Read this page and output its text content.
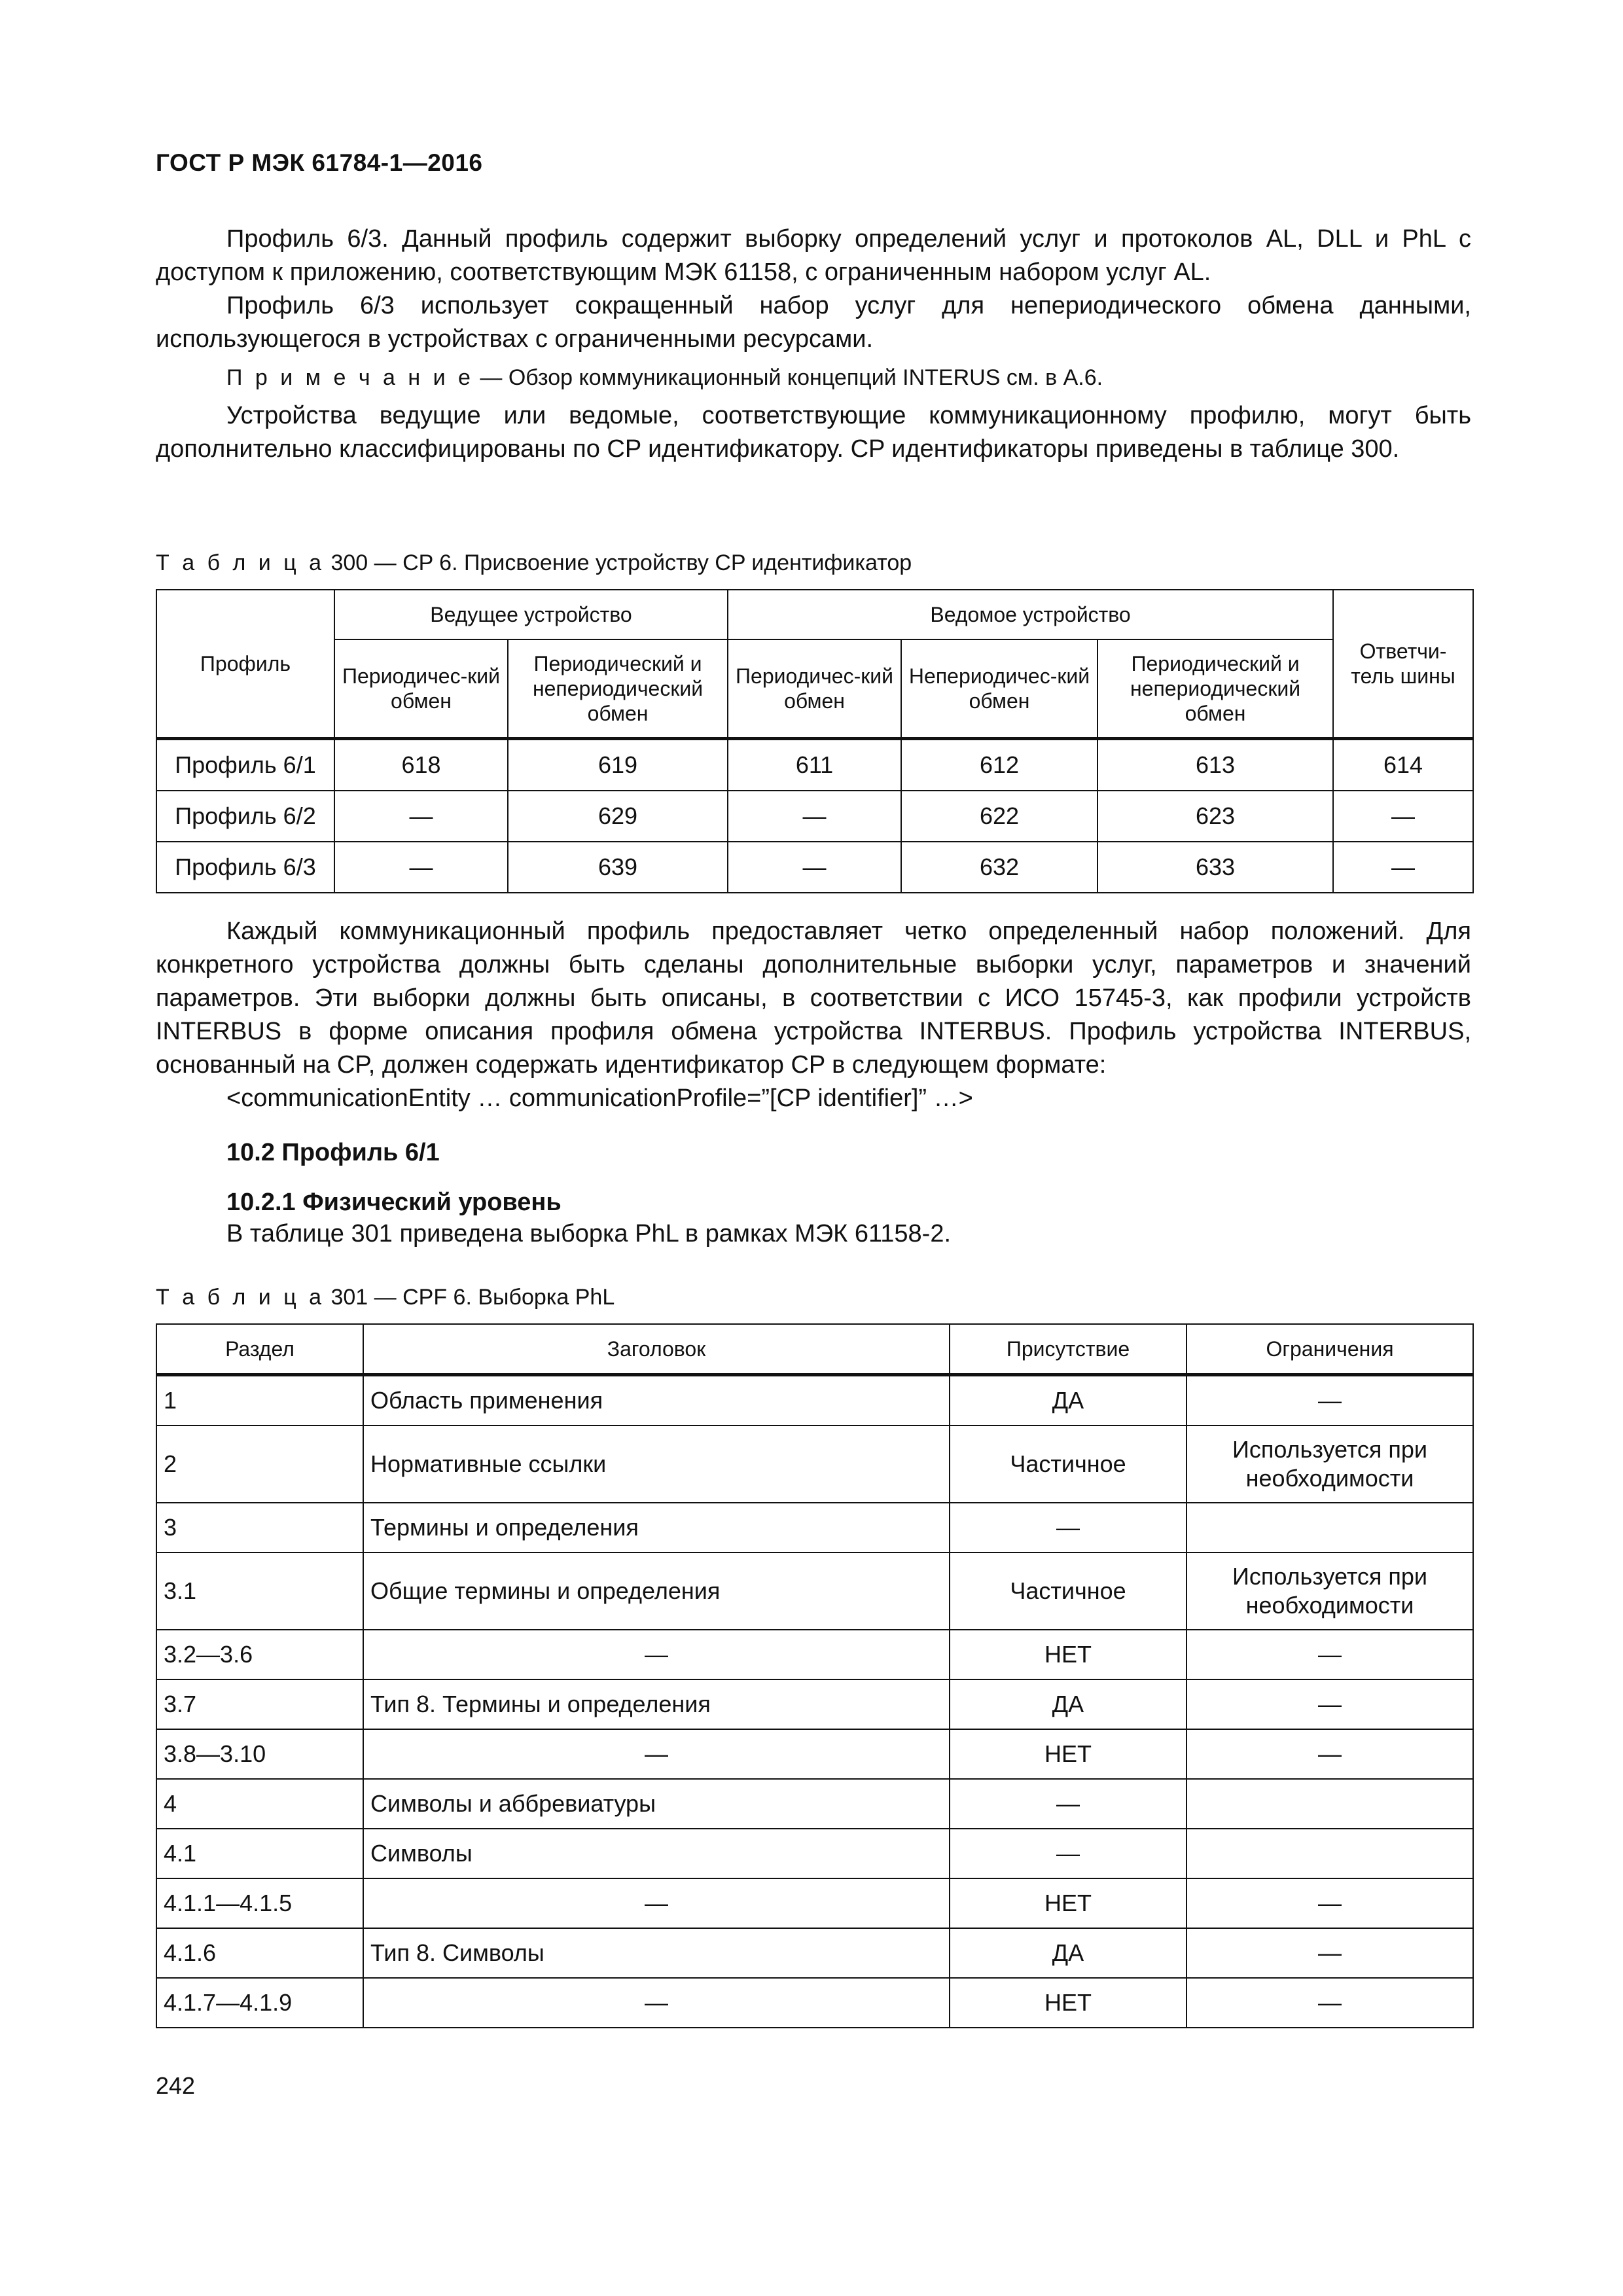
ГОСТ Р МЭК 61784-1—2016

Профиль 6/3. Данный профиль содержит выборку определений услуг и протоколов AL, DLL и PhL с доступом к приложению, соответствующим МЭК 61158, с ограниченным набором услуг AL.

Профиль 6/3 использует сокращенный набор услуг для непериодического обмена данными, использующегося в устройствах с ограниченными ресурсами.

П р и м е ч а н и е — Обзор коммуникационный концепций INTERUS см. в А.6.

Устройства ведущие или ведомые, соответствующие коммуникационному профилю, могут быть дополнительно классифицированы по CP идентификатору. CP идентификаторы приведены в таблице 300.

Т а б л и ц а 300 — CP 6. Присвоение устройству CP идентификатор
Профиль	Ведущее устройство		Ведомое устройство			Ответчи-тель шины
	Периодичес-кий обмен	Периодический и непериодический обмен	Периодичес-кий обмен	Непериодичес-кий обмен	Периодический и непериодический обмен	
Профиль 6/1	618	619	611	612	613	614
Профиль 6/2	—	629	—	622	623	—
Профиль 6/3	—	639	—	632	633	—

Каждый коммуникационный профиль предоставляет четко определенный набор положений. Для конкретного устройства должны быть сделаны дополнительные выборки услуг, параметров и значений параметров. Эти выборки должны быть описаны, в соответствии с ИСО 15745-3, как профили устройств INTERBUS в форме описания профиля обмена устройства INTERBUS. Профиль устройства INTERBUS, основанный на CP, должен содержать идентификатор CP в следующем формате:

<communicationEntity … communicationProfile=”[CP identifier]” …>

10.2 Профиль 6/1
10.2.1 Физический уровень
В таблице 301 приведена выборка PhL в рамках МЭК 61158-2.
Т а б л и ц а 301 — CPF 6. Выборка PhL
Раздел	Заголовок	Присутствие	Ограничения
1	Область применения	ДА	—
2	Нормативные ссылки	Частичное	Используется при необходимости
3	Термины и определения	—	
3.1	Общие термины и определения	Частичное	Используется при необходимости
3.2—3.6	—	НЕТ	—
3.7	Тип 8. Термины и определения	ДА	—
3.8—3.10	—	НЕТ	—
4	Символы и аббревиатуры	—	
4.1	Символы	—	
4.1.1—4.1.5	—	НЕТ	—
4.1.6	Тип 8. Символы	ДА	—
4.1.7—4.1.9	—	НЕТ	—
242
